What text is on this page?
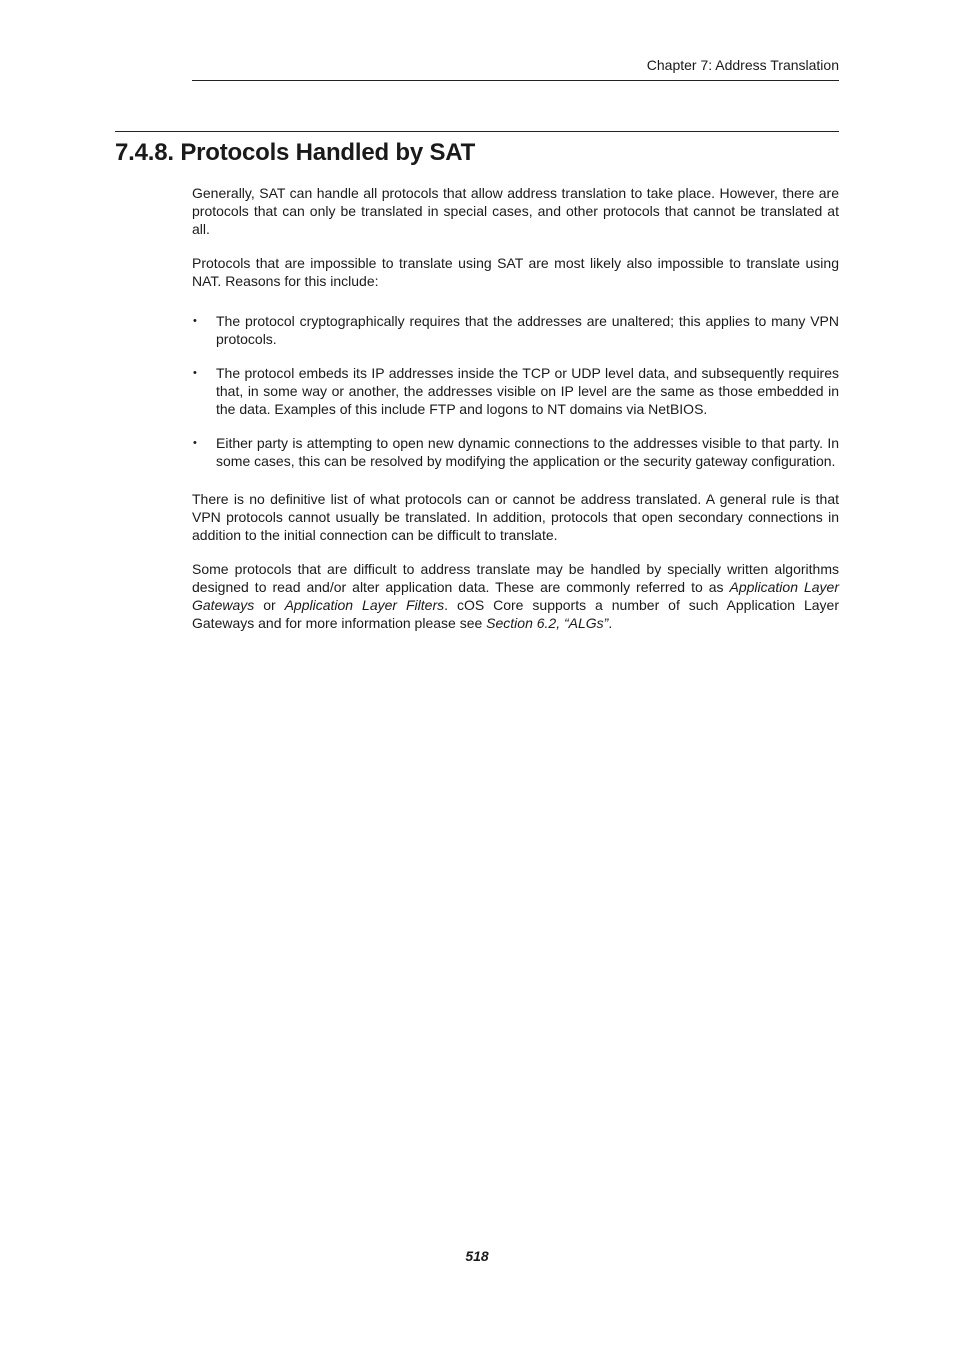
Chapter 7: Address Translation
7.4.8. Protocols Handled by SAT

Generally, SAT can handle all protocols that allow address translation to take place. However, there are protocols that can only be translated in special cases, and other protocols that cannot be translated at all.

Protocols that are impossible to translate using SAT are most likely also impossible to translate using NAT. Reasons for this include:

• The protocol cryptographically requires that the addresses are unaltered; this applies to many VPN protocols.

• The protocol embeds its IP addresses inside the TCP or UDP level data, and subsequently requires that, in some way or another, the addresses visible on IP level are the same as those embedded in the data. Examples of this include FTP and logons to NT domains via NetBIOS.

• Either party is attempting to open new dynamic connections to the addresses visible to that party. In some cases, this can be resolved by modifying the application or the security gateway configuration.

There is no definitive list of what protocols can or cannot be address translated. A general rule is that VPN protocols cannot usually be translated. In addition, protocols that open secondary connections in addition to the initial connection can be difficult to translate.

Some protocols that are difficult to address translate may be handled by specially written algorithms designed to read and/or alter application data. These are commonly referred to as Application Layer Gateways or Application Layer Filters. cOS Core supports a number of such Application Layer Gateways and for more information please see Section 6.2, “ALGs”.

518
